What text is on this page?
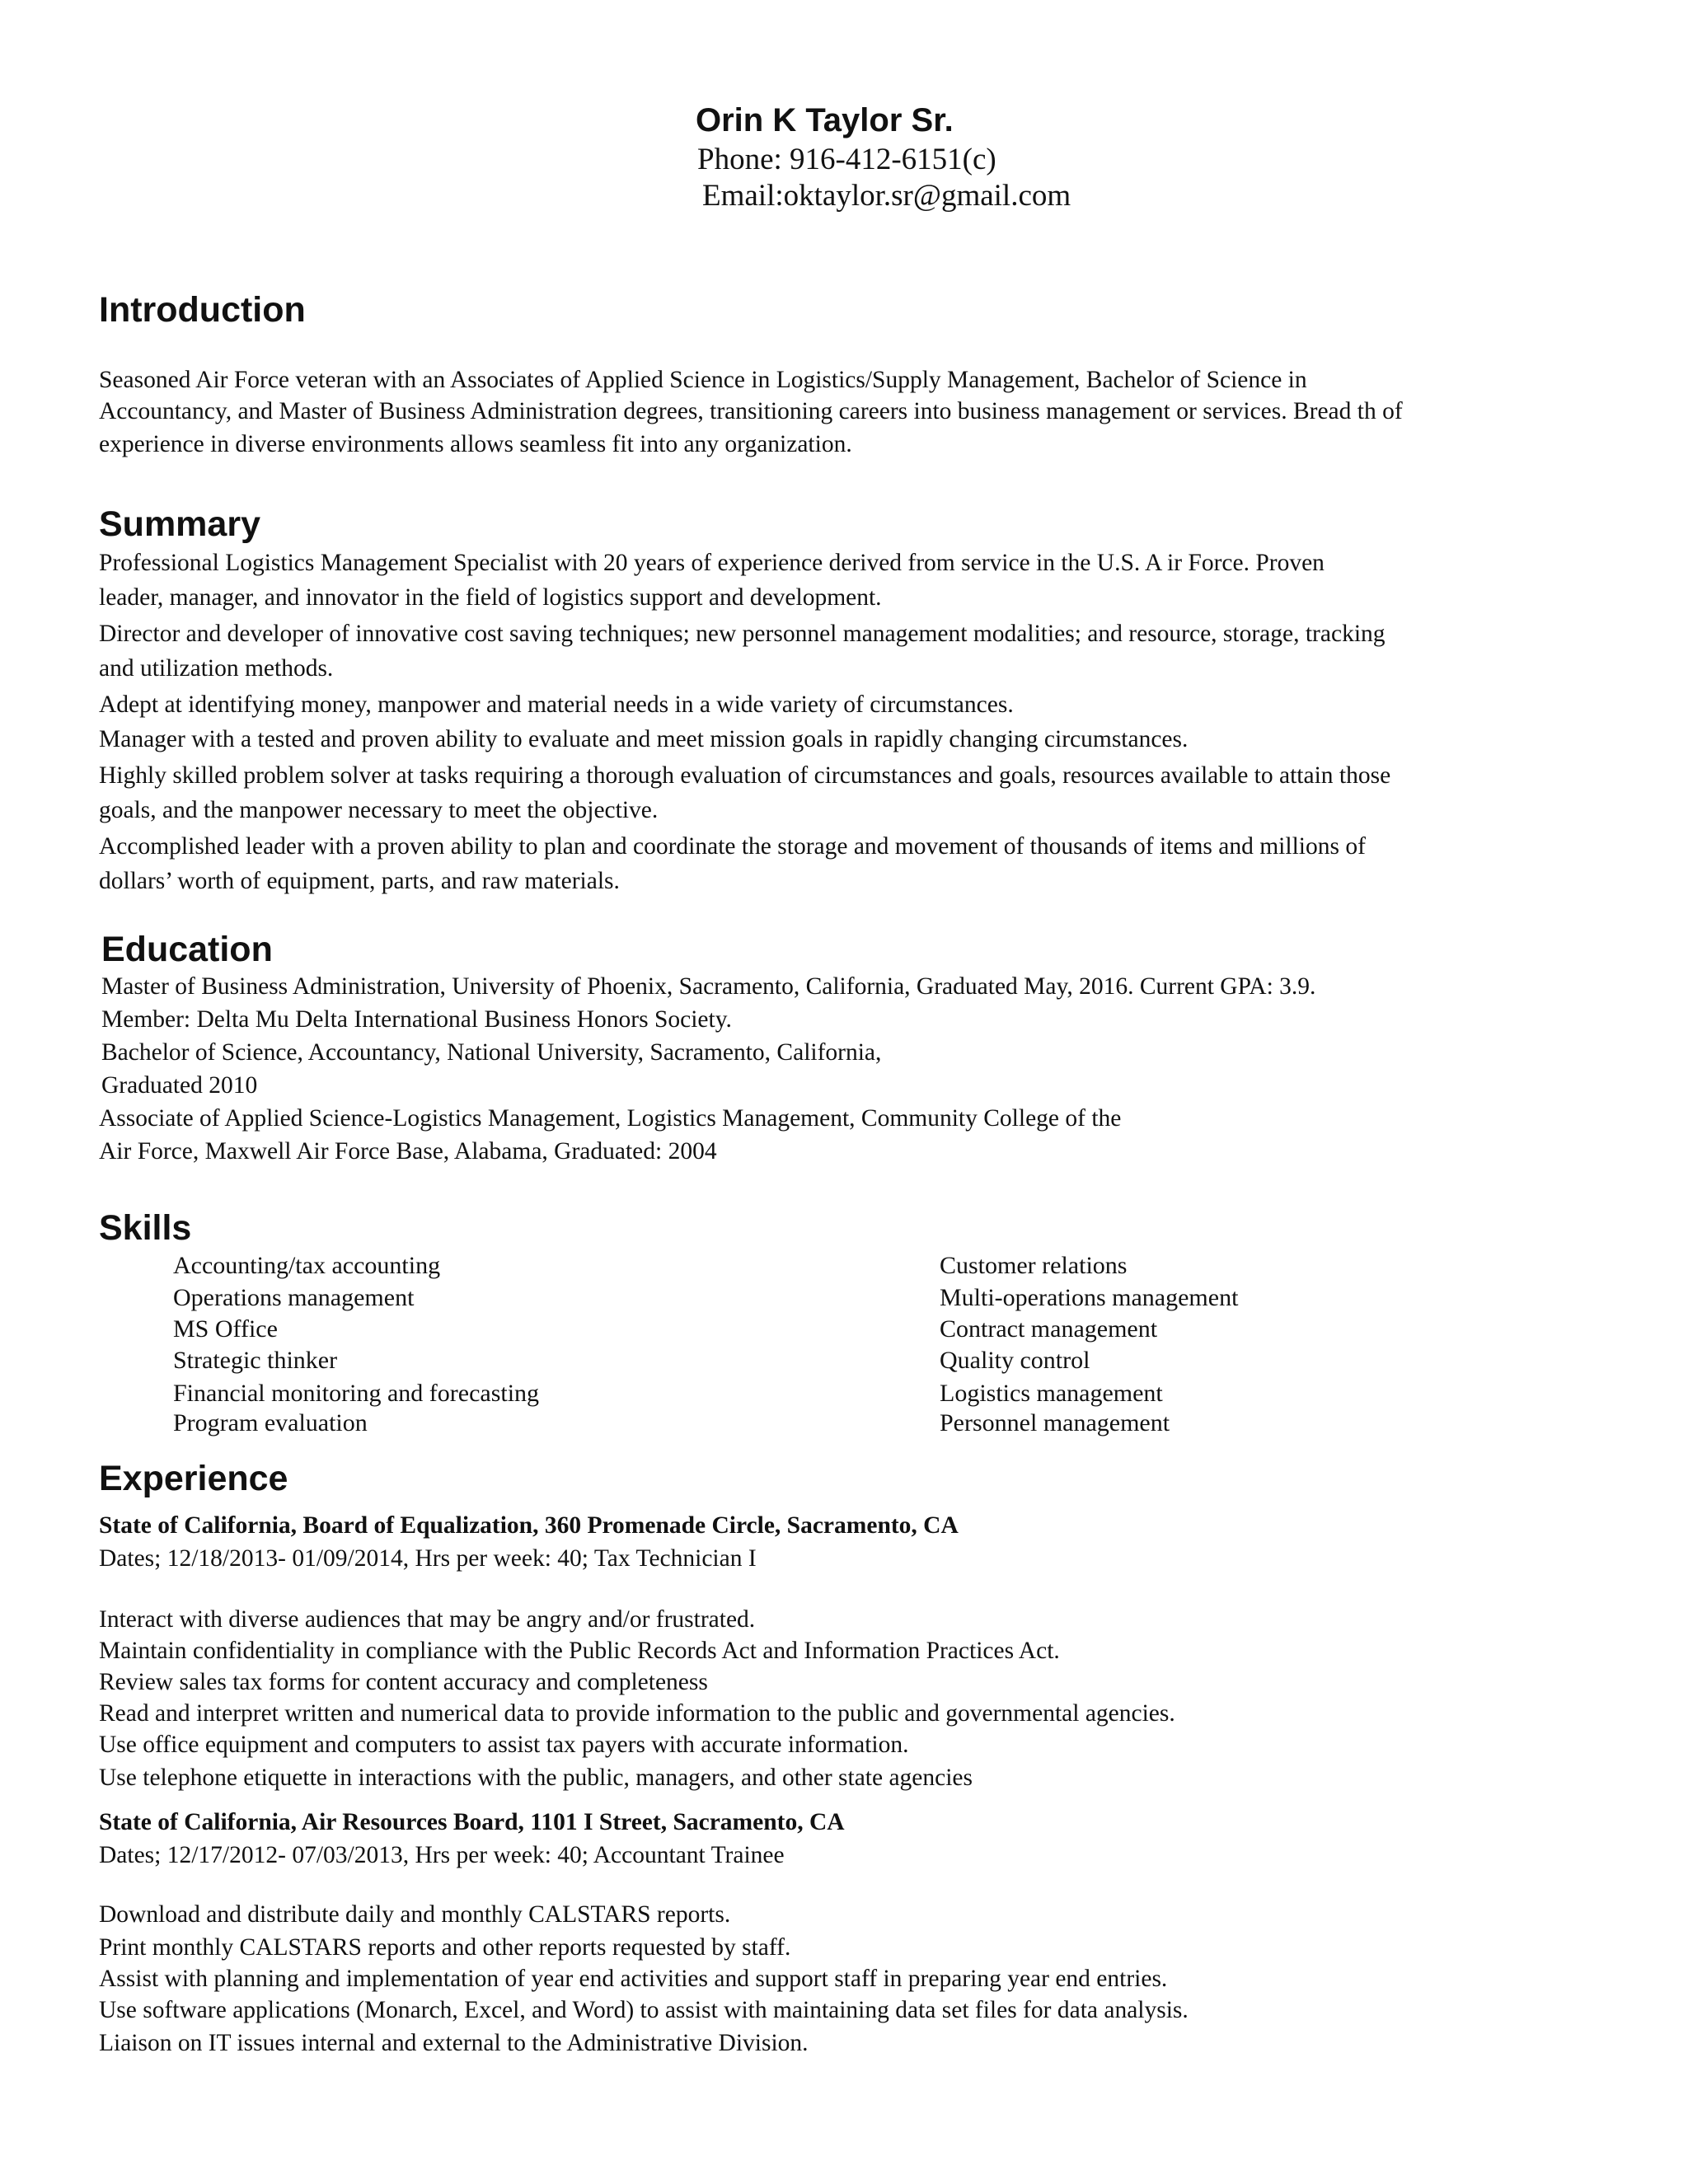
Orin K Taylor Sr.
Phone: 916-412-6151(c)
Email:oktaylor.sr@gmail.com
Introduction
Seasoned Air Force veteran with an Associates of Applied Science in Logistics/Supply Management, Bachelor of Science in
Accountancy, and Master of Business Administration degrees, transitioning careers into business management or services. Bread th of
experience in diverse environments allows seamless fit into any organization.
Summary
Professional Logistics Management Specialist with 20 years of experience derived from service in the U.S. A ir Force. Proven
leader, manager, and innovator in the field of logistics support and development.
Director and developer of innovative cost saving techniques; new personnel management modalities; and resource, storage, tracking
and utilization methods.
Adept at identifying money, manpower and material needs in a wide variety of circumstances.
Manager with a tested and proven ability to evaluate and meet mission goals in rapidly changing circumstances.
Highly skilled problem solver at tasks requiring a thorough evaluation of circumstances and goals, resources available to attain those
goals, and the manpower necessary to meet the objective.
Accomplished leader with a proven ability to plan and coordinate the storage and movement of thousands of items and millions of
dollars’ worth of equipment, parts, and raw materials.
Education
Master of Business Administration, University of Phoenix, Sacramento, California, Graduated May, 2016. Current GPA: 3.9.
Member: Delta Mu Delta International Business Honors Society.
Bachelor of Science, Accountancy, National University, Sacramento, California,
Graduated 2010
Associate of Applied Science-Logistics Management, Logistics Management, Community College of the
Air Force, Maxwell Air Force Base, Alabama, Graduated: 2004
Skills
Accounting/tax accounting
Operations management
MS Office
Strategic thinker
Financial monitoring and forecasting
Program evaluation
Customer relations
Multi-operations management
Contract management
Quality control
Logistics management
Personnel management
Experience
State of California, Board of Equalization, 360 Promenade Circle, Sacramento, CA
Dates; 12/18/2013- 01/09/2014, Hrs per week: 40; Tax Technician I
Interact with diverse audiences that may be angry and/or frustrated.
Maintain confidentiality in compliance with the Public Records Act and Information Practices Act.
Review sales tax forms for content accuracy and completeness
Read and interpret written and numerical data to provide information to the public and governmental agencies.
Use office equipment and computers to assist tax payers with accurate information.
Use telephone etiquette in interactions with the public, managers, and other state agencies
State of California, Air Resources Board, 1101 I Street, Sacramento, CA
Dates; 12/17/2012- 07/03/2013, Hrs per week: 40; Accountant Trainee
Download and distribute daily and monthly CALSTARS reports.
Print monthly CALSTARS reports and other reports requested by staff.
Assist with planning and implementation of year end activities and support staff in preparing year end entries.
Use software applications (Monarch, Excel, and Word) to assist with maintaining data set files for data analysis.
Liaison on IT issues internal and external to the Administrative Division.
